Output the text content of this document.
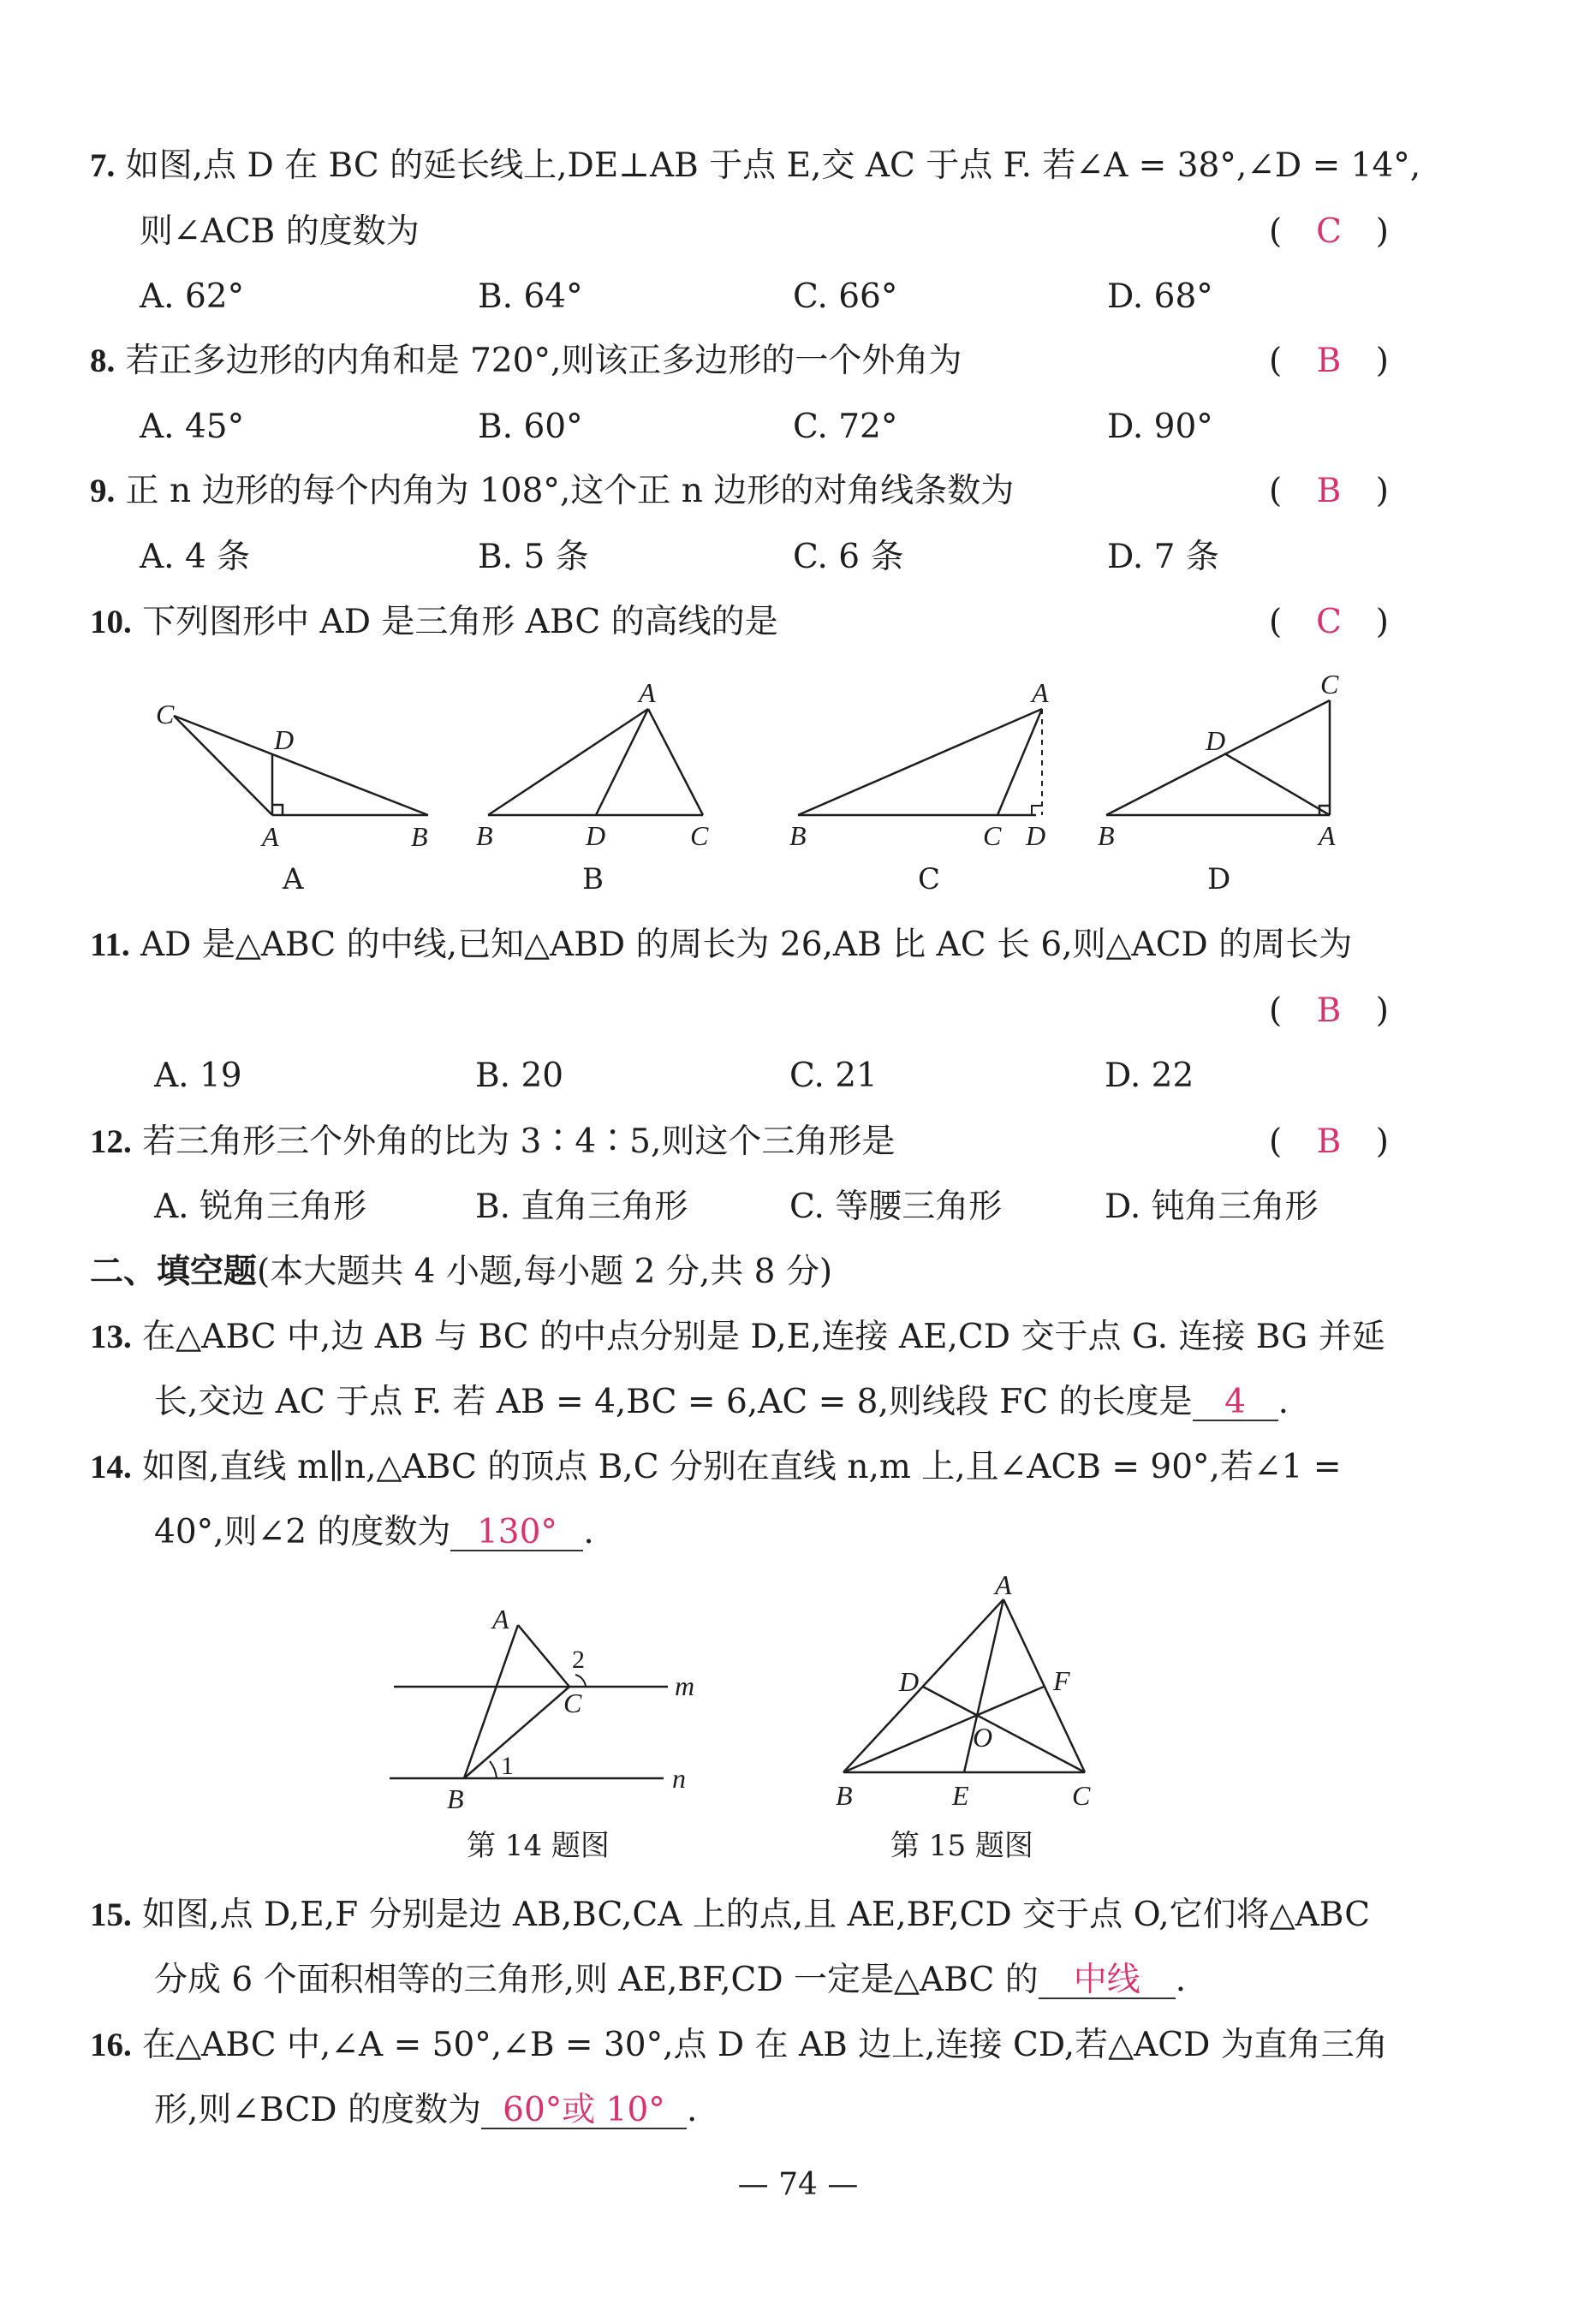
7. 如图,点 D 在 BC 的延长线上,DE⊥AB 于点 E,交 AC 于点 F. 若∠A = 38°,∠D = 14°,
则∠ACB 的度数为	( C )
A. 62°	B. 64°	C. 66°	D. 68°
8. 若正多边形的内角和是 720°,则该正多边形的一个外角为	( B )
A. 45°	B. 60°	C. 72°	D. 90°
9. 正 n 边形的每个内角为 108°,这个正 n 边形的对角线条数为	( B )
A. 4 条	B. 5 条	C. 6 条	D. 7 条
10. 下列图形中 AD 是三角形 ABC 的高线的是	( C )
C
D
A	B
A
A
B	D	C
B
A
B	C D
C
C
D
B	A
D
11. AD 是△ABC 的中线,已知△ABD 的周长为 26,AB 比 AC 长 6,则△ACD 的周长为
( B )
A. 19	B. 20	C. 21	D. 22
12. 若三角形三个外角的比为 3∶4∶5,则这个三角形是	( B )
A. 锐角三角形	B. 直角三角形	C. 等腰三角形	D. 钝角三角形
二、填空题(本大题共 4 小题,每小题 2 分,共 8 分)
13. 在△ABC 中,边 AB 与 BC 的中点分别是 D,E,连接 AE,CD 交于点 G. 连接 BG 并延
长,交边 AC 于点 F. 若 AB = 4,BC = 6,AC = 8,则线段 FC 的长度是 4 .
14. 如图,直线 m∥n,△ABC 的顶点 B,C 分别在直线 n,m 上,且∠ACB = 90°,若∠1 =
40°,则∠2 的度数为 130° .
A
C
B
m
n
2
1
第 14 题图
A
D	F
O
B	E	C
第 15 题图
15. 如图,点 D,E,F 分别是边 AB,BC,CA 上的点,且 AE,BF,CD 交于点 O,它们将△ABC
分成 6 个面积相等的三角形,则 AE,BF,CD 一定是△ABC 的 中线 .
16. 在△ABC 中,∠A = 50°,∠B = 30°,点 D 在 AB 边上,连接 CD,若△ACD 为直角三角
形,则∠BCD 的度数为 60°或 10° .
— 74 —
